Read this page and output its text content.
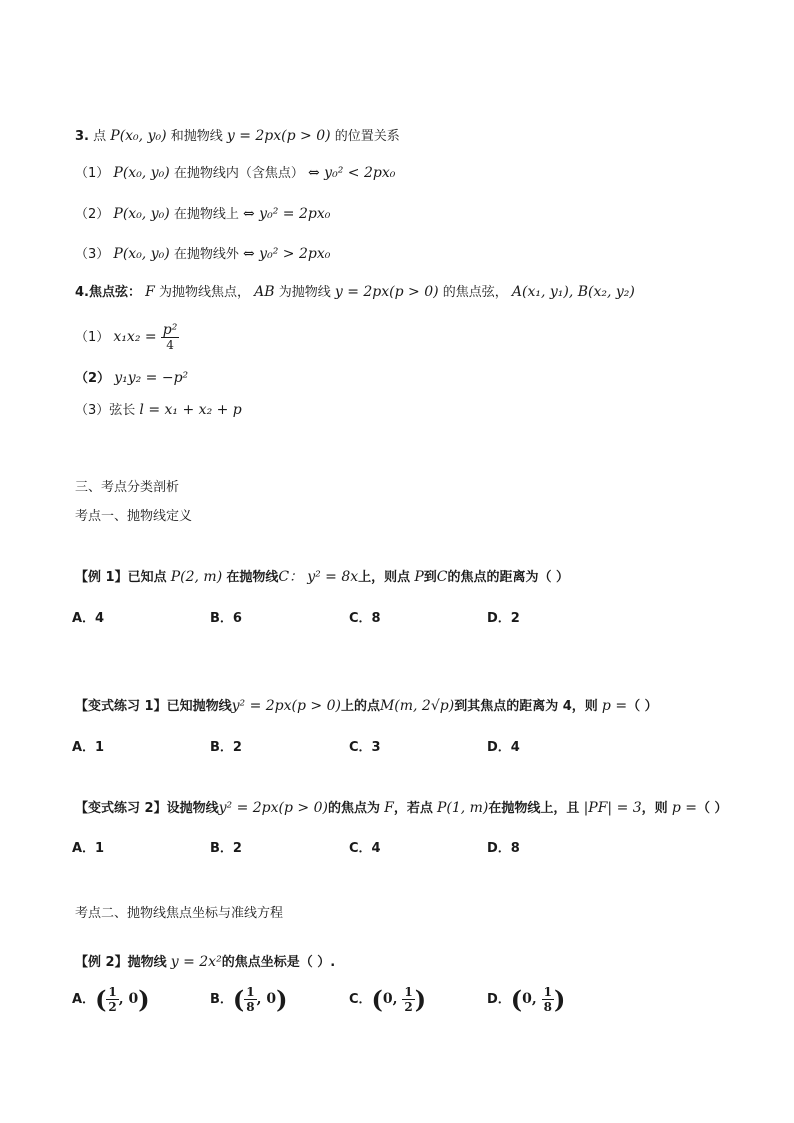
3. 点 P(x₀, y₀) 和抛物线 y = 2px(p > 0) 的位置关系
（1） P(x₀, y₀) 在抛物线内（含焦点） ⇔ y₀² < 2px₀
（2） P(x₀, y₀) 在抛物线上 ⇔ y₀² = 2px₀
（3） P(x₀, y₀) 在抛物线外 ⇔ y₀² > 2px₀
4.焦点弦： F 为抛物线焦点， AB 为抛物线 y = 2px(p > 0) 的焦点弦， A(x₁, y₁), B(x₂, y₂)
（1） $x_1x_2 = \frac{\text{p²}}{4}$
（2） y₁y₂ = −p²
（3）弦长 l = x₁ + x₂ + p
三、考点分类剖析
考点一、抛物线定义
【例 1】已知点 P(2, m) 在抛物线C： y² = 8x上，则点 P到C的焦点的距离为（ ）
A．4	B．6	C．8	D．2
【变式练习 1】已知抛物线y² = 2px(p > 0)上的点M(m, 2√p)到其焦点的距离为 4，则 p =（ ）
A．1	B．2	C．3	D．4
【变式练习 2】设抛物线y² = 2px(p > 0)的焦点为 F，若点 P(1, m)在抛物线上，且 |PF| = 3，则 p =（ ）
A．1	B．2	C．4	D．8
考点二、抛物线焦点坐标与准线方程
【例 2】抛物线 y = 2x²的焦点坐标是（ ）.
A．( $\frac{1}{2}$ , 0)	B．( $\frac{1}{8}$ , 0)	C．(0, $\frac{1}{2}$ )	D．(0, $\frac{1}{8}$ )
